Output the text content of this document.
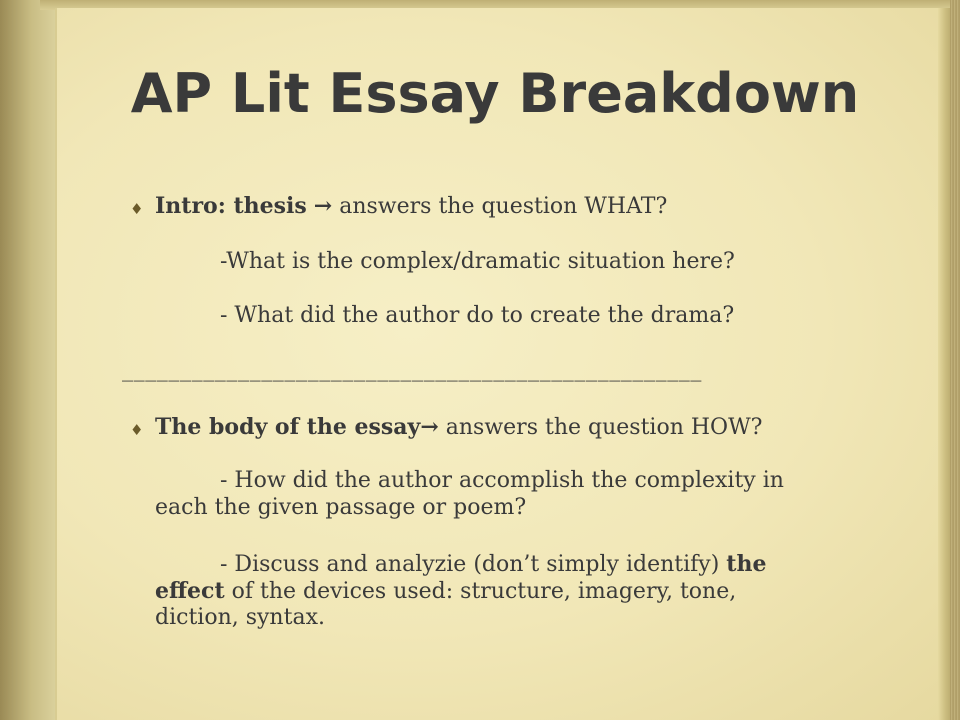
AP Lit Essay Breakdown
♦ Intro: thesis → answers the question WHAT?
-What is the complex/dramatic situation here?
- What did the author do to create the drama?
__________________________________________________
♦ The body of the essay→ answers the question HOW?
- How did the author accomplish the complexity in
each the given passage or poem?
- Discuss and analyzie (don’t simply identify) the
effect of the devices used: structure, imagery, tone,
diction, syntax.
